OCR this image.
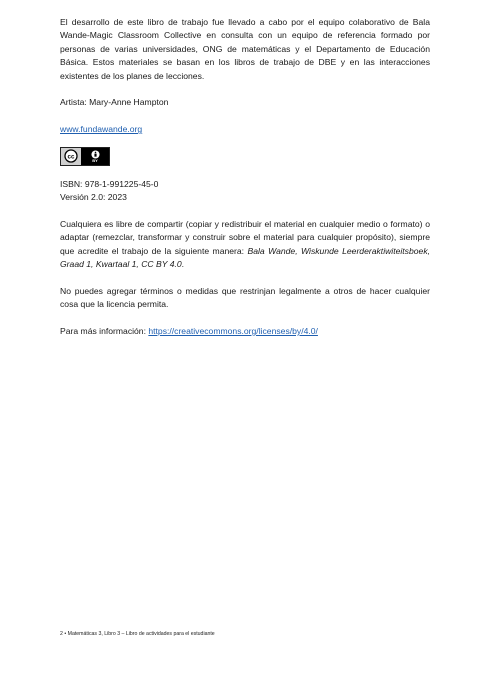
El desarrollo de este libro de trabajo fue llevado a cabo por el equipo colaborativo de Bala Wande-Magic Classroom Collective en consulta con un equipo de referencia formado por personas de varias universidades, ONG de matemáticas y el Departamento de Educación Básica. Estos materiales se basan en los libros de trabajo de DBE y en las interacciones existentes de los planes de lecciones.

Artista: Mary-Anne Hampton

www.fundawande.org

cc	BY

ISBN: 978-1-991225-45-0

Versión 2.0: 2023

Cualquiera es libre de compartir (copiar y redistribuir el material en cualquier medio o formato) o adaptar (remezclar, transformar y construir sobre el material para cualquier propósito), siempre que acredite el trabajo de la siguiente manera: Bala Wande, Wiskunde Leerderaktiwiteitsboek, Graad 1, Kwartaal 1, CC BY 4.0.

No puedes agregar términos o medidas que restrinjan legalmente a otros de hacer cualquier cosa que la licencia permita.

Para más información: https://creativecommons.org/licenses/by/4.0/

2 • Matemáticas 3, Libro 3 – Libro de actividades para el estudiante
